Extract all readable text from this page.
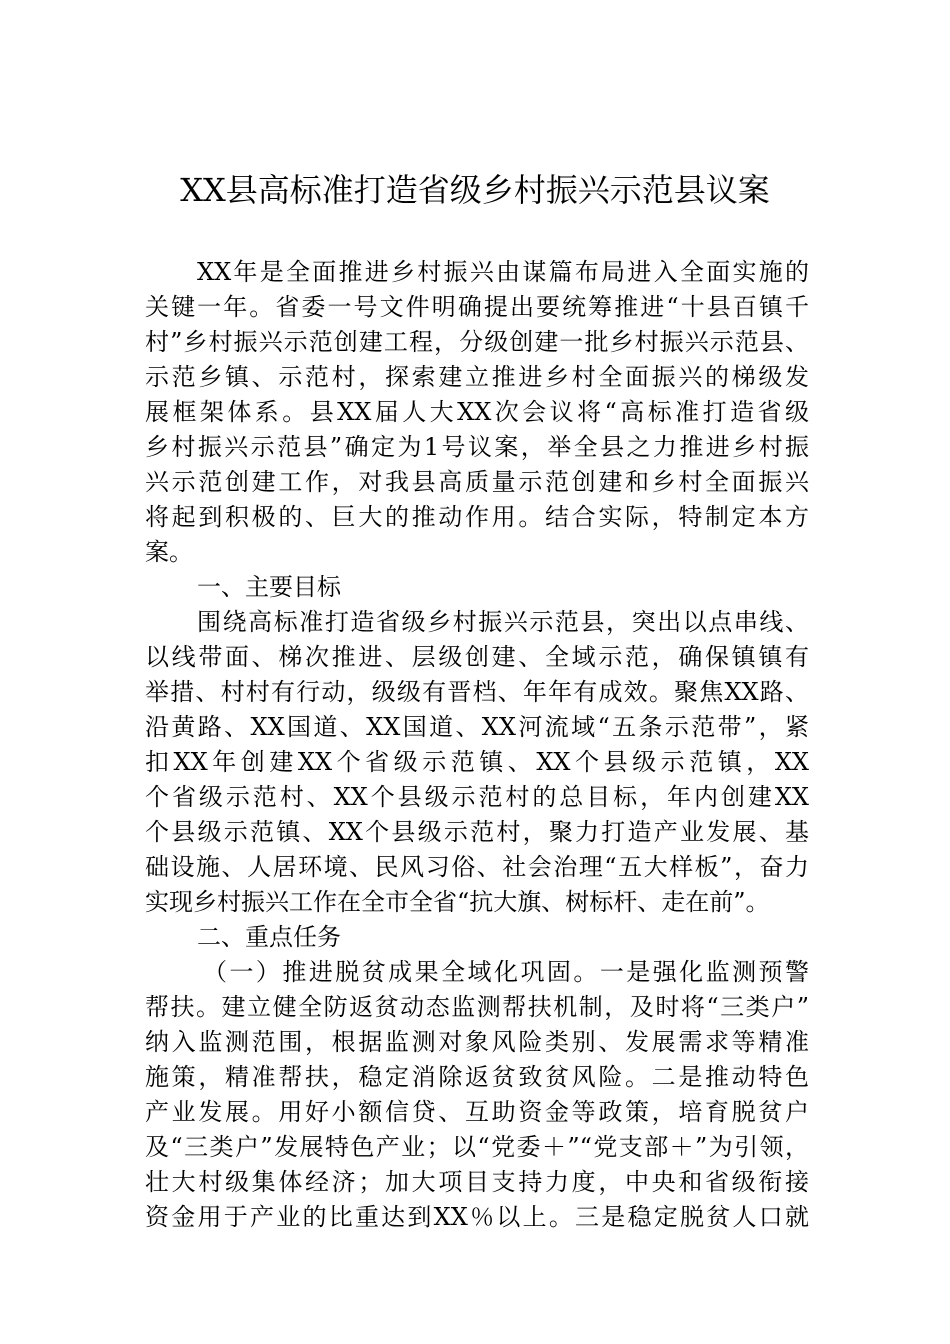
XX县高标准打造省级乡村振兴示范县议案
XX年是全面推进乡村振兴由谋篇布局进入全面实施的
关键一年。省委一号文件明确提出要统筹推进“十县百镇千
村”乡村振兴示范创建工程，分级创建一批乡村振兴示范县、
示范乡镇、示范村，探索建立推进乡村全面振兴的梯级发
展框架体系。县XX届人大XX次会议将“高标准打造省级
乡村振兴示范县”确定为1号议案，举全县之力推进乡村振
兴示范创建工作，对我县高质量示范创建和乡村全面振兴
将起到积极的、巨大的推动作用。结合实际，特制定本方
案。
一、主要目标
围绕高标准打造省级乡村振兴示范县，突出以点串线、
以线带面、梯次推进、层级创建、全域示范，确保镇镇有
举措、村村有行动，级级有晋档、年年有成效。聚焦XX路、
沿黄路、XX国道、XX国道、XX河流域“五条示范带”，紧
扣XX年创建XX个省级示范镇、XX个县级示范镇，XX
个省级示范村、XX个县级示范村的总目标，年内创建XX
个县级示范镇、XX个县级示范村，聚力打造产业发展、基
础设施、人居环境、民风习俗、社会治理“五大样板”，奋力
实现乡村振兴工作在全市全省“抗大旗、树标杆、走在前”。
二、重点任务
（一）推进脱贫成果全域化巩固。一是强化监测预警
帮扶。建立健全防返贫动态监测帮扶机制，及时将“三类户”
纳入监测范围，根据监测对象风险类别、发展需求等精准
施策，精准帮扶，稳定消除返贫致贫风险。二是推动特色
产业发展。用好小额信贷、互助资金等政策，培育脱贫户
及“三类户”发展特色产业；以“党委＋”“党支部＋”为引领，
壮大村级集体经济；加大项目支持力度，中央和省级衔接
资金用于产业的比重达到XX％以上。三是稳定脱贫人口就
